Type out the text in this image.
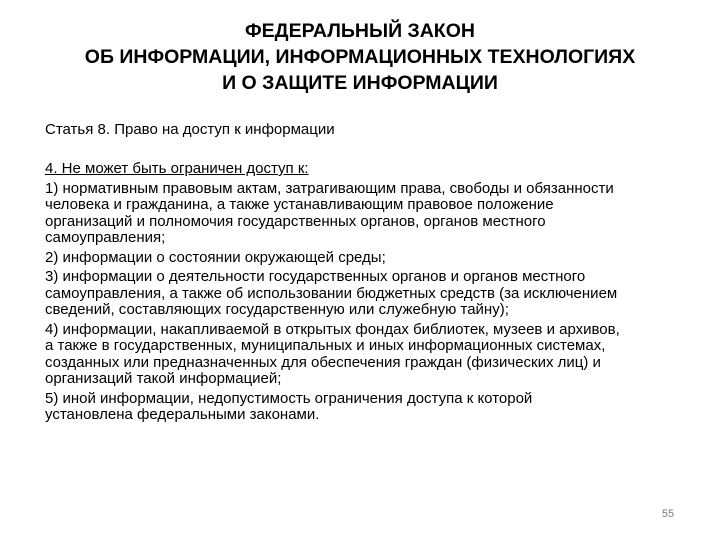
ФЕДЕРАЛЬНЫЙ ЗАКОН
ОБ ИНФОРМАЦИИ, ИНФОРМАЦИОННЫХ ТЕХНОЛОГИЯХ
И О ЗАЩИТЕ ИНФОРМАЦИИ
Статья 8. Право на доступ к информации
4. Не может быть ограничен доступ к:
1) нормативным правовым актам, затрагивающим права, свободы и обязанности
человека и гражданина, а также устанавливающим правовое положение
организаций и полномочия государственных органов, органов местного
самоуправления;
2) информации о состоянии окружающей среды;
3) информации о деятельности государственных органов и органов местного
самоуправления, а также об использовании бюджетных средств (за исключением
сведений, составляющих государственную или служебную тайну);
4) информации, накапливаемой в открытых фондах библиотек, музеев и архивов,
а также в государственных, муниципальных и иных информационных системах,
созданных или предназначенных для обеспечения граждан (физических лиц) и
организаций такой информацией;
5) иной информации, недопустимость ограничения доступа к которой
установлена федеральными законами.
55
